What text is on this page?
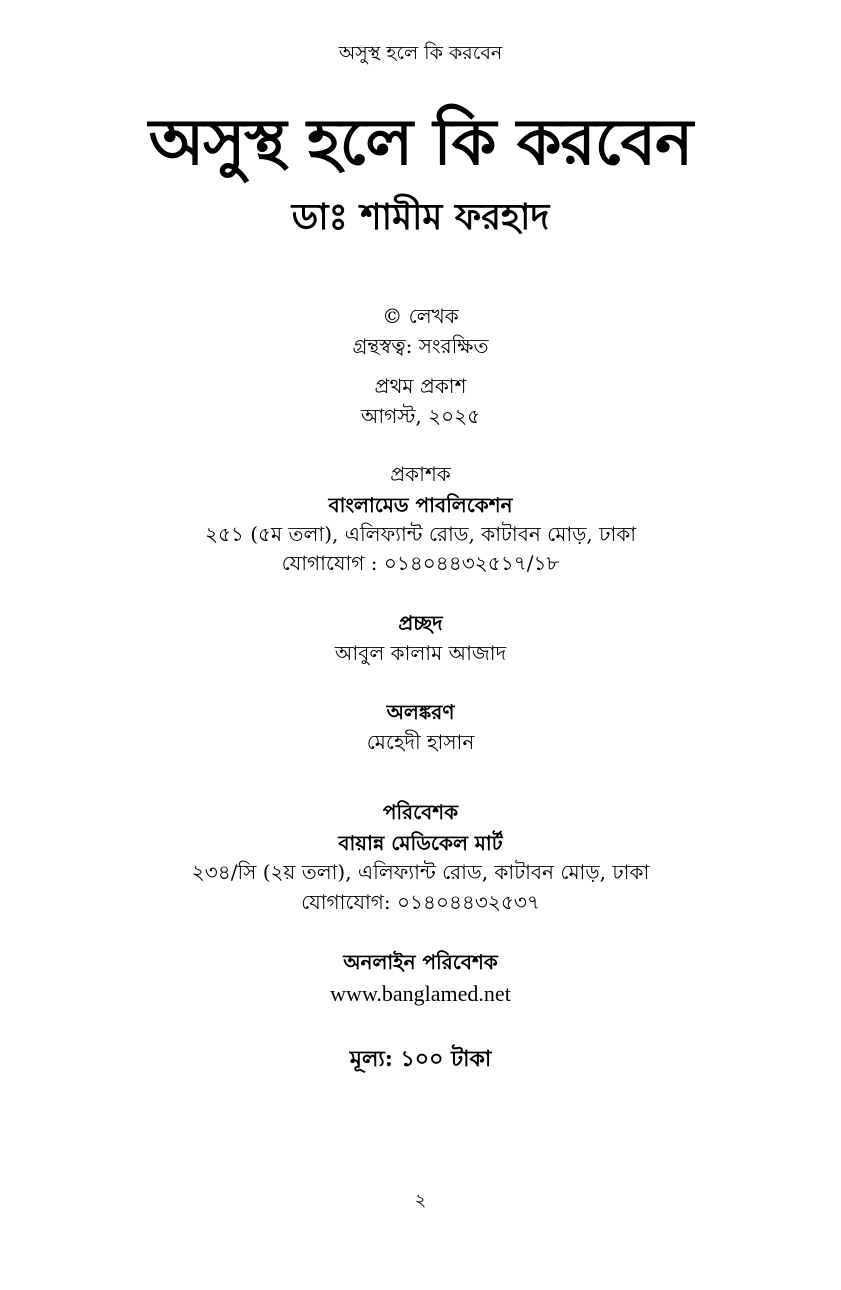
অসুস্থ হলে কি করবেন
অসুস্থ হলে কি করবেন
ডাঃ শামীম ফরহাদ
© লেখক
গ্রন্থস্বত্ব: সংরক্ষিত
প্রথম প্রকাশ
আগস্ট, ২০২৫
প্রকাশক
বাংলামেড পাবলিকেশন
২৫১ (৫ম তলা), এলিফ্যান্ট রোড, কাটাবন মোড়, ঢাকা
যোগাযোগ : ০১৪০৪৪৩২৫১৭/১৮
প্রচ্ছদ
আবুল কালাম আজাদ
অলঙ্করণ
মেহেদী হাসান
পরিবেশক
বায়ান্ন মেডিকেল মার্ট
২৩৪/সি (২য় তলা), এলিফ্যান্ট রোড, কাটাবন মোড়, ঢাকা
যোগাযোগ: ০১৪০৪৪৩২৫৩৭
অনলাইন পরিবেশক
www.banglamed.net
মূল্য: ১০০ টাকা
২
